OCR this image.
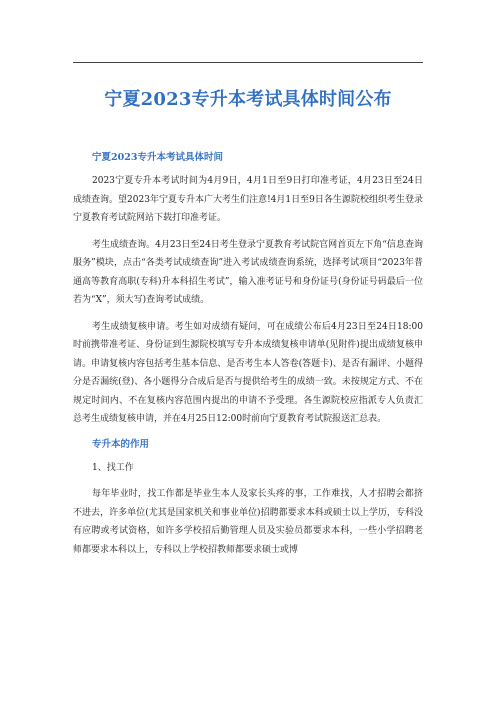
宁夏2023专升本考试具体时间公布
宁夏2023专升本考试具体时间

2023宁夏专升本考试时间为4月9日，4月1日至9日打印准考证，4月23日至24日成绩查询。望2023年宁夏专升本广大考生们注意!4月1日至9日各生源院校组织考生登录宁夏教育考试院网站下载打印准考证。

考生成绩查询。4月23日至24日考生登录宁夏教育考试院官网首页左下角“信息查询服务”模块，点击“各类考试成绩查询”进入考试成绩查询系统，选择考试项目“2023年普通高等教育高职(专科)升本科招生考试”，输入准考证号和身份证号(身份证号码最后一位若为“X”，须大写)查询考试成绩。

考生成绩复核申请。考生如对成绩有疑问，可在成绩公布后4月23日至24日18:00时前携带准考证、身份证到生源院校填写专升本成绩复核申请单(见附件)提出成绩复核申请。申请复核内容包括考生基本信息、是否考生本人答卷(答题卡)、是否有漏评、小题得分是否漏统(登)、各小题得分合成后是否与提供给考生的成绩一致。未按规定方式、不在规定时间内、不在复核内容范围内提出的申请不予受理。各生源院校应指派专人负责汇总考生成绩复核申请，并在4月25日12:00时前向宁夏教育考试院报送汇总表。

专升本的作用

1、找工作

每年毕业时，找工作都是毕业生本人及家长头疼的事，工作难找，人才招聘会都挤不进去，许多单位(尤其是国家机关和事业单位)招聘都要求本科或硕士以上学历，专科没有应聘或考试资格，如许多学校招后勤管理人员及实验员都要求本科，一些小学招聘老师都要求本科以上，专科以上学校招教师都要求硕士或博
